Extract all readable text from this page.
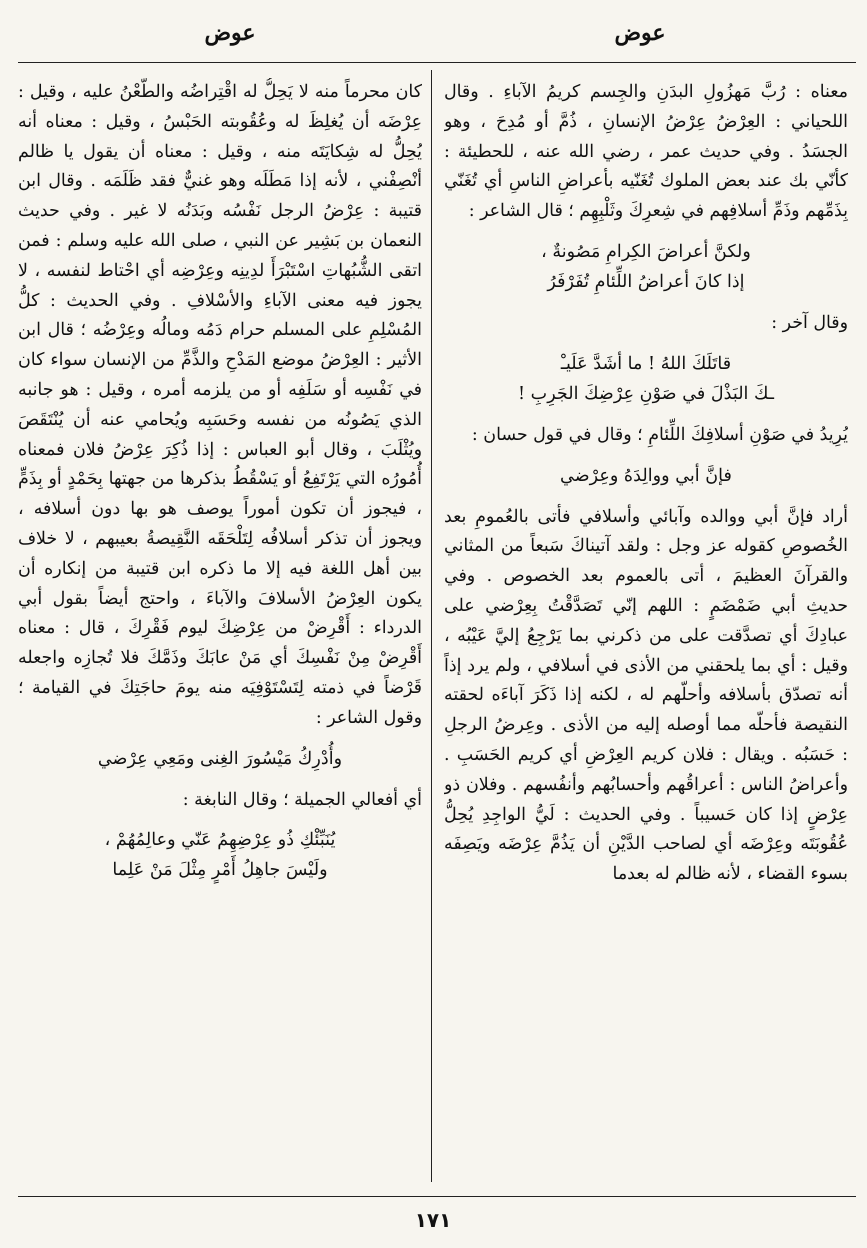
عوض
عوض

معناه : رُبَّ مَهزُولِ البدَنِ والجِسم كريمُ الآباءِ . وقال اللحياني : العِرْضُ عِرْضُ الإنسانِ ، ذُمَّ أو مُدِحَ ، وهو الجسَدُ . وفي حديث عمر ، رضي الله عنه ، للحطيئة : كأنّي بك عند بعض الملوك تُغَنّيه بأعراضِ الناسِ أي تُغَنّي بِذَمِّهم وذَمِّ أسلافِهم في شِعرِكَ وثَلْبِهِم ؛ قال الشاعر :

ولكنَّ أعراضَ الكِرامِ مَصُونةٌ ،
إذا كانَ أعراضُ اللِّئامِ تُفَرْفَرُ

وقال آخر :

قاتَلَكَ اللهُ ! ما أشَدَّ عَلَيـْ
ـكَ البَذْلَ في صَوْنِ عِرْضِكَ الجَرِبِ !

يُرِيدُ في صَوْنِ أسلافِكَ اللِّئامِ ؛ وقال في قول حسان :

فإنَّ أبي ووالِدَهُ وعِرْضي

أراد فإنَّ أبي ووالده وآبائي وأسلافي فأتى بالعُمومِ بعد الخُصوصِ كقوله عز وجل : ولقد آتيناكَ سَبعاً من المثاني والقرآنَ العظيمَ ، أتى بالعموم بعد الخصوص . وفي حديثِ أبي ضَمْضَمٍ : اللهم إنّي تَصَدَّقْتُ بِعِرْضي على عبادِكَ أي تصدَّقت على من ذكرني بما يَرْجِعُ إليَّ عَيْبُه ، وقيل : أي بما يلحقني من الأذى في أسلافي ، ولم يرد إذاً أنه تصدّق بأسلافه وأحلّهم له ، لكنه إذا ذَكَرَ آباءَه لحقته النقيصة فأحلّه مما أوصله إليه من الأذى . وعِرضُ الرجلِ : حَسَبُه . ويقال : فلان كريم العِرْضِ أي كريم الحَسَبِ . وأعراضُ الناس : أعراقُهم وأحسابُهم وأنفُسهم . وفلان ذو عِرْضٍ إذا كان حَسيباً . وفي الحديث : لَيُّ الواجِدِ يُحِلُّ عُقُوبَتَه وعِرْضَه أي لصاحب الدَّيْنِ أن يَذُمَّ عِرْضَه ويَصِفَه بسوء القضاء ، لأنه ظالم له بعدما

كان محرماً منه لا يَحِلُّ له اقْتِراضُه والطَّعْنُ عليه ، وقيل : عِرْضَه أن يُغلِظَ له وعُقُوبته الحَبْسُ ، وقيل : معناه أنه يُحِلُّ له شِكايَتَه منه ، وقيل : معناه أن يقول يا ظالم أنْصِفْني ، لأنه إذا مَطَلَه وهو غنيٌّ فقد ظَلَمَه . وقال ابن قتيبة : عِرْضُ الرجل نَفْسُه وبَدَنُه لا غير . وفي حديث النعمان بن بَشِير عن النبي ، صلى الله عليه وسلم : فمن اتقى الشُّبُهاتِ اسْتَبْرَأَ لدِينِه وعِرْضِه أي احْتاط لنفسه ، لا يجوز فيه معنى الآباءِ والأسْلافِ . وفي الحديث : كلُّ المُسْلِمِ على المسلم حرام دَمُه ومالُه وعِرْضُه ؛ قال ابن الأثير : العِرْضُ موضع المَدْحِ والذَّمِّ من الإنسان سواء كان في نَفْسِه أو سَلَفِه أو من يلزمه أمره ، وقيل : هو جانبه الذي يَصُونُه من نفسه وحَسَبِه ويُحامي عنه أن يُنْتَقَصَ ويُثْلَبَ ، وقال أبو العباس : إذا ذُكِرَ عِرْضُ فلان فمعناه أُمُورُه التي يَرْتَفِعُ أو يَسْقُطُ بذكرها من جهتها بِحَمْدٍ أو بِذَمٍّ ، فيجوز أن تكون أموراً يوصف هو بها دون أسلافه ، ويجوز أن تذكر أسلافُه لِتَلْحَقَه النَّقِيصةُ بعيبهم ، لا خلاف بين أهل اللغة فيه إلا ما ذكره ابن قتيبة من إنكاره أن يكون العِرْضُ الأسلافَ والآباءَ ، واحتج أيضاً بقول أبي الدرداء : أَقْرِضْ من عِرْضِكَ ليوم فَقْرِكَ ، قال : معناه أَقْرِضْ مِنْ نَفْسِكَ أي مَنْ عابَكَ وذَمَّكَ فلا تُجازِه واجعله قَرْضاً في ذمته لِتَسْتَوْفِيَه منه يومَ حاجَتِكَ في القيامة ؛ وقول الشاعر :

وأُدْرِكُ مَيْسُورَ الغِنى ومَعِي عِرْضي

أي أفعالي الجميلة ؛ وقال النابغة :

يُنَبِّئْكِ ذُو عِرْضِهِمُ عَنّي وعالِمُهُمْ ،
ولَيْسَ جاهِلُ أَمْرٍ مِثْلَ مَنْ عَلِما
١٧١
